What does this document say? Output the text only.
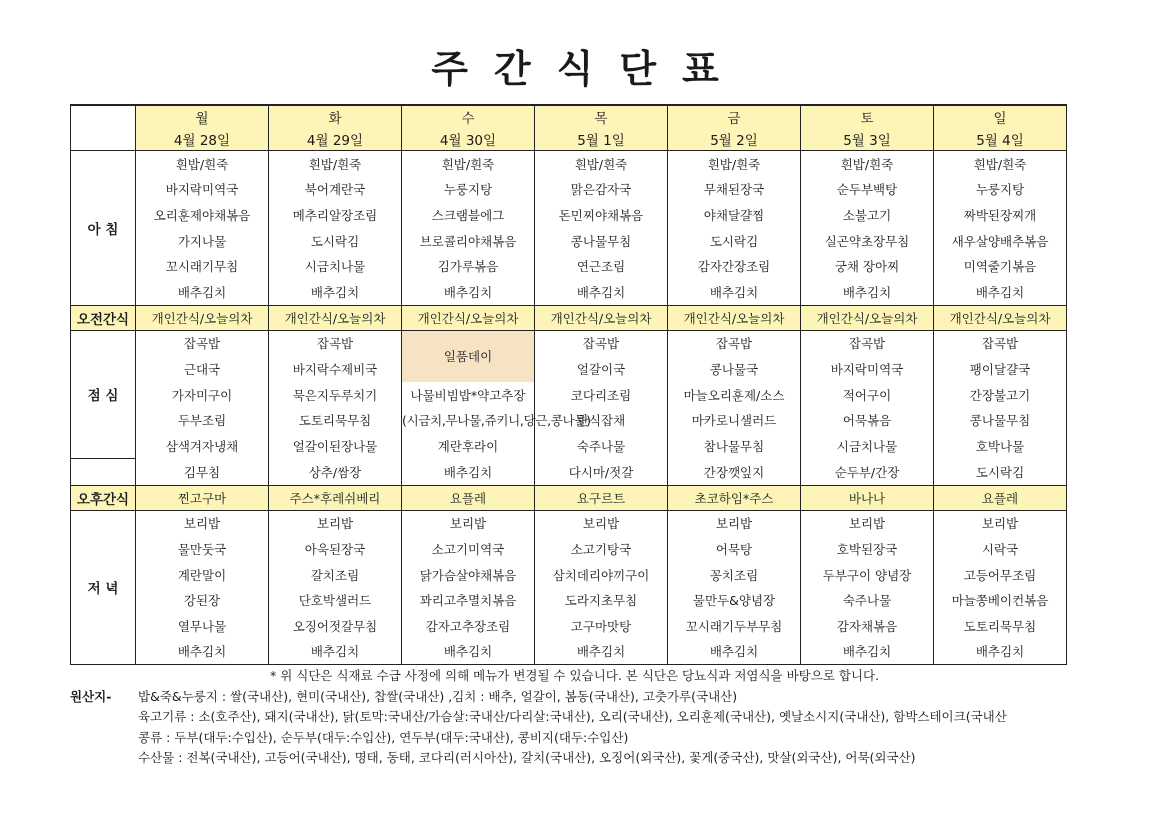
주간식단표
	월	화	수	목	금	토	일
	4월 28일	4월 29일	4월 30일	5월 1일	5월 2일	5월 3일	5월 4일
아 침	흰밥/흰죽	흰밥/흰죽	흰밥/흰죽	흰밥/흰죽	흰밥/흰죽	흰밥/흰죽	흰밥/흰죽
	바지락미역국	북어계란국	누룽지탕	맑은감자국	무채된장국	순두부백탕	누룽지탕
	오리훈제야채볶음	메추리알장조림	스크램블에그	돈민찌야채볶음	야채달걀찜	소불고기	짜박된장찌개
	가지나물	도시락김	브로콜리야채볶음	콩나물무침	도시락김	실곤약초장무침	새우살양배추볶음
	꼬시래기무침	시금치나물	김가루볶음	연근조림	감자간장조림	궁채 장아찌	미역줄기볶음
	배추김치	배추김치	배추김치	배추김치	배추김치	배추김치	배추김치
오전간식	개인간식/오늘의차	개인간식/오늘의차	개인간식/오늘의차	개인간식/오늘의차	개인간식/오늘의차	개인간식/오늘의차	개인간식/오늘의차
점 심	잡곡밥	잡곡밥	일품데이	잡곡밥	잡곡밥	잡곡밥	잡곡밥
	근대국	바지락수제비국		얼갈이국	콩나물국	바지락미역국	팽이달걀국
	가자미구이	묵은지두루치기	나물비빔밥*약고추장	코다리조림	마늘오리훈제/소스	적어구이	간장불고기
	두부조림	도토리묵무침	(시금치,무나물,쥬키니,당근,콩나물)	한식잡채	마카로니샐러드	어묵볶음	콩나물무침
	삼색겨자냉채	얼갈이된장나물	계란후라이	숙주나물	참나물무침	시금치나물	호박나물
	김무침	상추/쌈장	배추김치	다시마/젓갈	간장깻잎지	순두부/간장	도시락김
오후간식	찐고구마	주스*후레쉬베리	요플레	요구르트	초코하임*주스	바나나	요플레
저 녁	보리밥	보리밥	보리밥	보리밥	보리밥	보리밥	보리밥
	물만둣국	아욱된장국	소고기미역국	소고기탕국	어묵탕	호박된장국	시락국
	계란말이	갈치조림	닭가슴살야채볶음	삼치데리야끼구이	꽁치조림	두부구이 양념장	고등어무조림
	강된장	단호박샐러드	꽈리고추멸치볶음	도라지초무침	물만두&양념장	숙주나물	마늘쫑베이컨볶음
	열무나물	오징어젓갈무침	감자고추장조림	고구마맛탕	꼬시래기두부무침	감자채볶음	도토리묵무침
	배추김치	배추김치	배추김치	배추김치	배추김치	배추김치	배추김치
* 위 식단은 식재료 수급 사정에 의해 메뉴가 변경될 수 있습니다. 본 식단은 당뇨식과 저염식을 바탕으로 합니다.
원산지- 밥&죽&누룽지 : 쌀(국내산), 현미(국내산), 찹쌀(국내산) ,김치 : 배추, 얼갈이, 봄동(국내산), 고춧가루(국내산)
육고기류 : 소(호주산), 돼지(국내산), 닭(토막:국내산/가슴살:국내산/다리살:국내산), 오리(국내산), 오리훈제(국내산), 옛날소시지(국내산), 함박스테이크(국내산
콩류 : 두부(대두:수입산), 순두부(대두:수입산), 연두부(대두:국내산), 콩비지(대두:수입산)
수산물 : 전복(국내산), 고등어(국내산), 명태, 동태, 코다리(러시아산), 갈치(국내산), 오징어(외국산), 꽃게(중국산), 맛살(외국산), 어묵(외국산)
